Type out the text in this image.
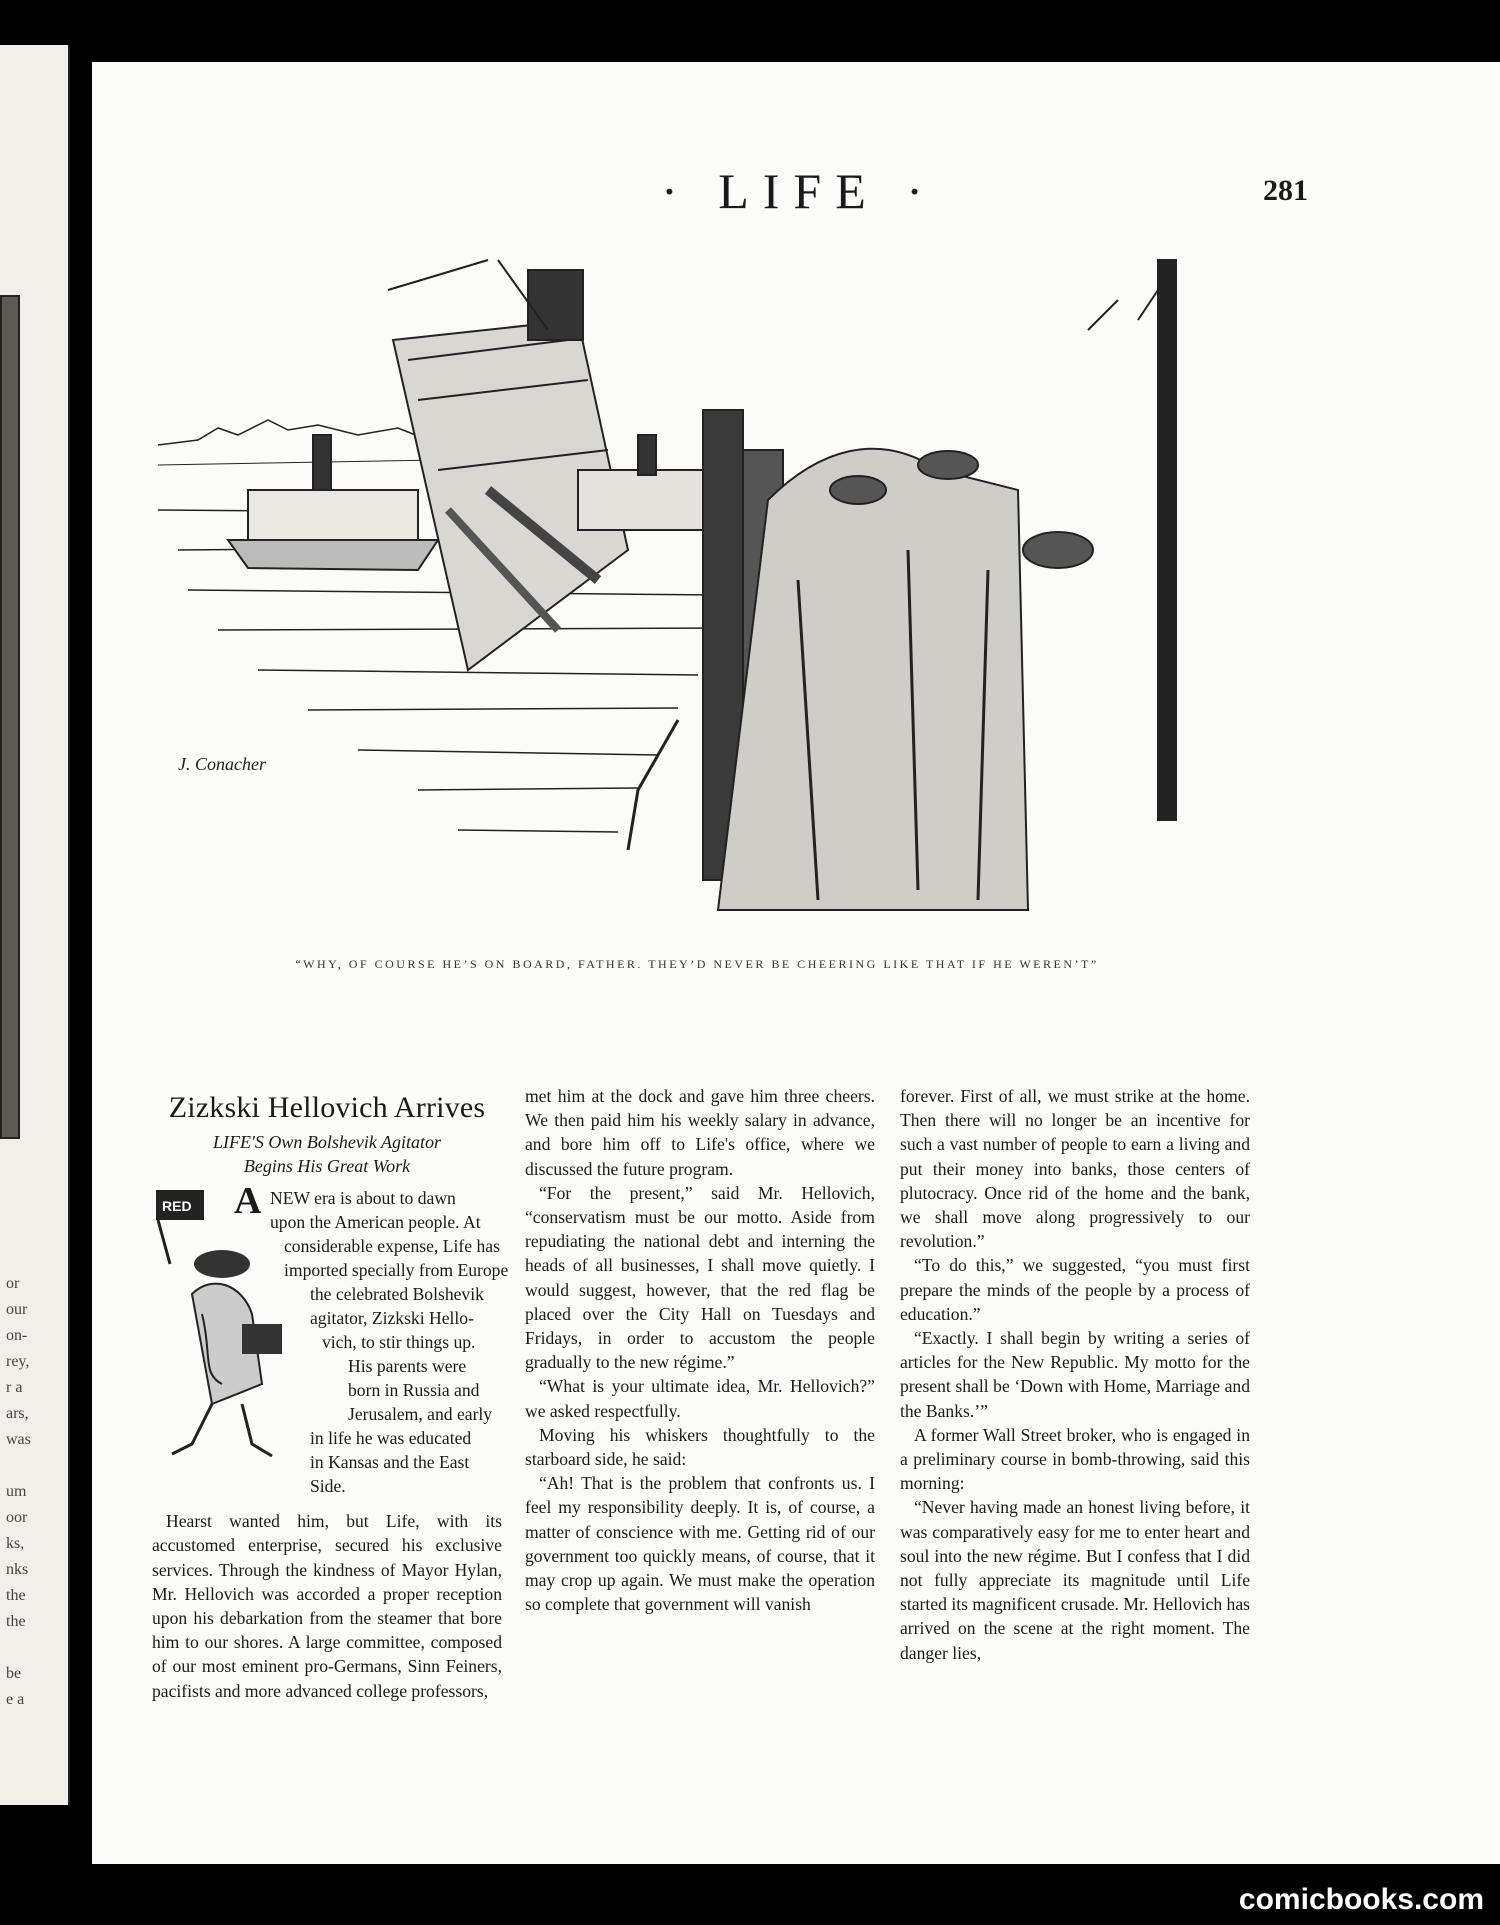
or
our
on-
rey,
r a
ars,
was
um
oor
ks,
nks
the
the
be
e a
· LIFE ·	281
J. Conacher
“WHY, OF COURSE HE’S ON BOARD, FATHER. THEY’D NEVER BE CHEERING LIKE THAT IF HE WEREN’T”
Zizkski Hellovich Arrives
LIFE'S Own Bolshevik Agitator
Begins His Great Work
RED A NEW era is about to dawn
upon the American people. At
considerable expense, Life has
imported specially from Europe
the celebrated Bolshevik
agitator, Zizkski Hello-
vich, to stir things up.
His parents were
born in Russia and
Jerusalem, and early
in life he was educated
in Kansas and the East
Side.

Hearst wanted him, but Life, with its accustomed enterprise, secured his exclusive services. Through the kindness of Mayor Hylan, Mr. Hellovich was accorded a proper reception upon his debarkation from the steamer that bore him to our shores. A large committee, composed of our most eminent pro-Germans, Sinn Feiners, pacifists and more advanced college professors,

met him at the dock and gave him three cheers. We then paid him his weekly salary in advance, and bore him off to Life's office, where we discussed the future program.

“For the present,” said Mr. Hellovich, “conservatism must be our motto. Aside from repudiating the national debt and interning the heads of all businesses, I shall move quietly. I would suggest, however, that the red flag be placed over the City Hall on Tuesdays and Fridays, in order to accustom the people gradually to the new régime.”

“What is your ultimate idea, Mr. Hellovich?” we asked respectfully.

Moving his whiskers thoughtfully to the starboard side, he said:

“Ah! That is the problem that confronts us. I feel my responsibility deeply. It is, of course, a matter of conscience with me. Getting rid of our government too quickly means, of course, that it may crop up again. We must make the operation so complete that government will vanish

forever. First of all, we must strike at the home. Then there will no longer be an incentive for such a vast number of people to earn a living and put their money into banks, those centers of plutocracy. Once rid of the home and the bank, we shall move along progressively to our revolution.”

“To do this,” we suggested, “you must first prepare the minds of the people by a process of education.”

“Exactly. I shall begin by writing a series of articles for the New Republic. My motto for the present shall be ‘Down with Home, Marriage and the Banks.’”

A former Wall Street broker, who is engaged in a preliminary course in bomb-throwing, said this morning:

“Never having made an honest living before, it was comparatively easy for me to enter heart and soul into the new régime. But I confess that I did not fully appreciate its magnitude until Life started its magnificent crusade. Mr. Hellovich has arrived on the scene at the right moment. The danger lies,

comicbooks.com
